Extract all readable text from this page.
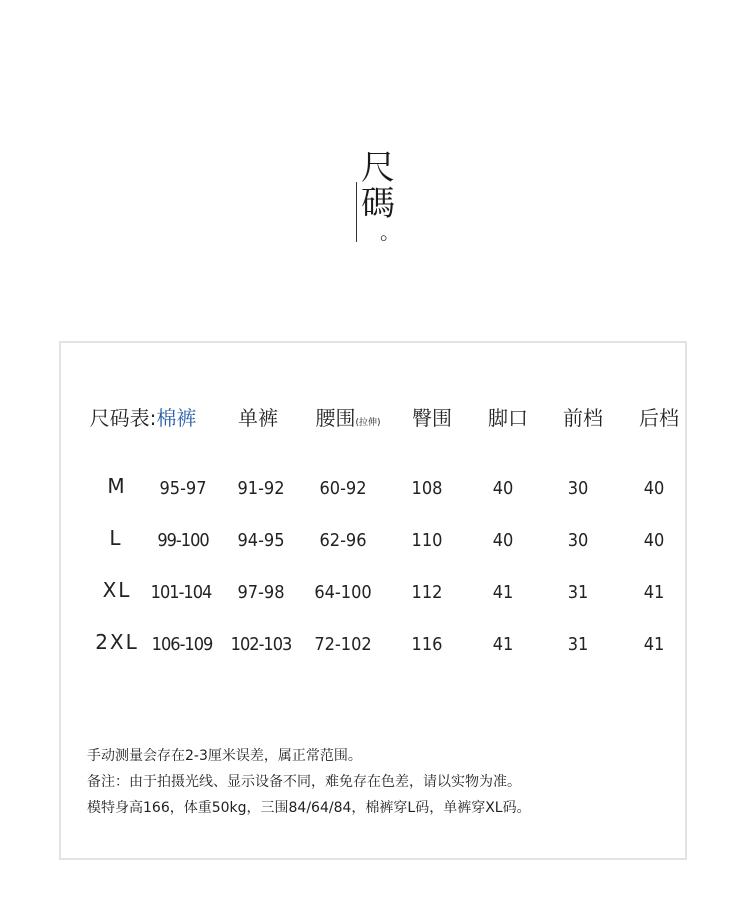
尺
碼
。
尺码表:棉裤 单裤 腰围(拉伸) 臀围 脚口 前档 后档
M 95-97 91-92 60-92	108	40	30	40
L 99-100 94-95 62-96	110	40	30	40
XL 101-104 97-98 64-100 112	41	31	41
2XL 106-109 102-103 72-102 116	41	31	41
手动测量会存在2-3厘米误差，属正常范围。
备注：由于拍摄光线、显示设备不同，难免存在色差，请以实物为准。
模特身高166，体重50kg，三围84/64/84，棉裤穿L码，单裤穿XL码。
